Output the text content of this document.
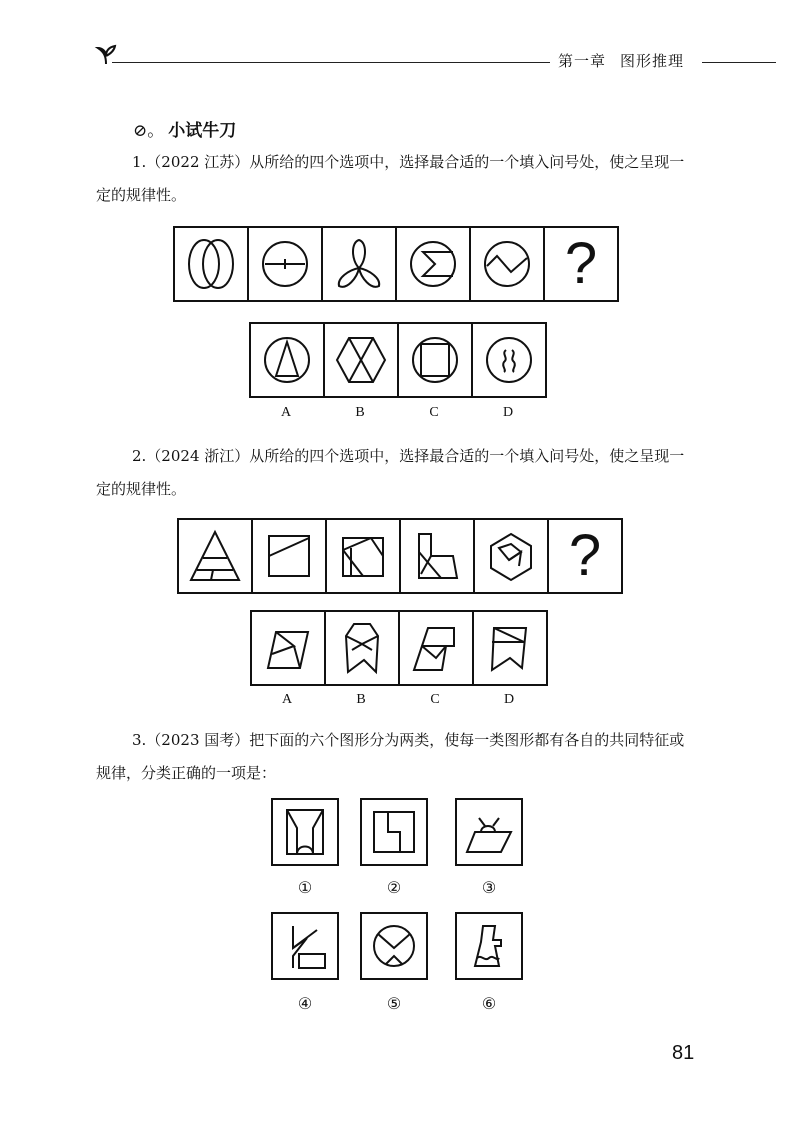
第一章 图形推理
⊘。 小试牛刀
1.（2022 江苏）从所给的四个选项中，选择最合适的一个填入问号处，使之呈现一定的规律性。
?
A	B	C	D
2.（2024 浙江）从所给的四个选项中，选择最合适的一个填入问号处，使之呈现一定的规律性。
?
A	B	C	D
3.（2023 国考）把下面的六个图形分为两类，使每一类图形都有各自的共同特征或规律，分类正确的一项是：
①	②	③
④	⑤	⑥
81
